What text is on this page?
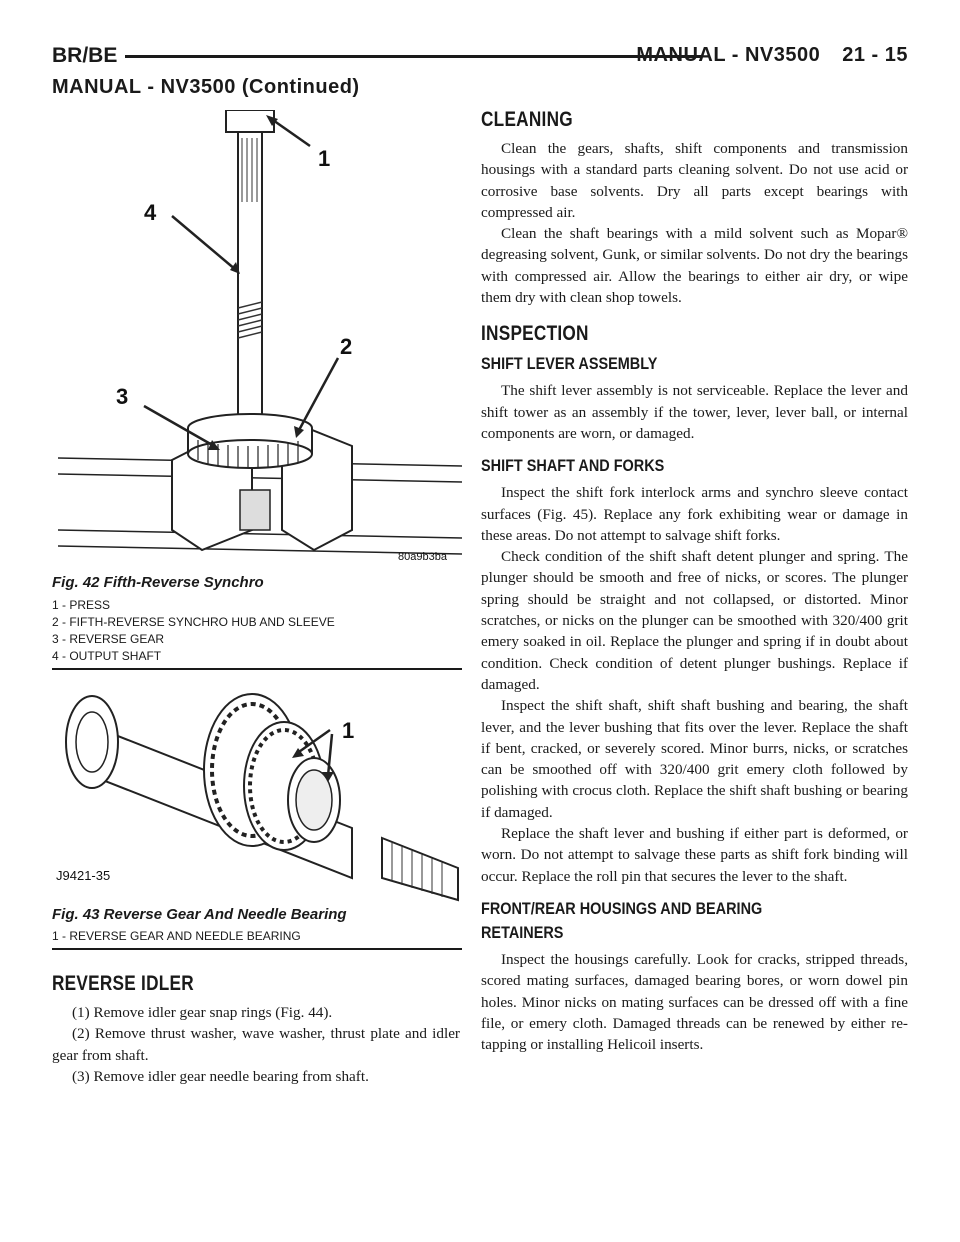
BR/BE	MANUAL - NV3500 21 - 15
MANUAL - NV3500 (Continued)
1
4
2
3
80a9b3ba
Fig. 42 Fifth-Reverse Synchro
1 - PRESS
2 - FIFTH-REVERSE SYNCHRO HUB AND SLEEVE
3 - REVERSE GEAR
4 - OUTPUT SHAFT
1
J9421-35
Fig. 43 Reverse Gear And Needle Bearing
1 - REVERSE GEAR AND NEEDLE BEARING
REVERSE IDLER

(1) Remove idler gear snap rings (Fig. 44).

(2) Remove thrust washer, wave washer, thrust plate and idler gear from shaft.

(3) Remove idler gear needle bearing from shaft.

CLEANING

Clean the gears, shafts, shift components and transmission housings with a standard parts cleaning solvent. Do not use acid or corrosive base solvents. Dry all parts except bearings with compressed air.

Clean the shaft bearings with a mild solvent such as Mopar® degreasing solvent, Gunk, or similar solvents. Do not dry the bearings with compressed air. Allow the bearings to either air dry, or wipe them dry with clean shop towels.

INSPECTION
SHIFT LEVER ASSEMBLY

The shift lever assembly is not serviceable. Replace the lever and shift tower as an assembly if the tower, lever, lever ball, or internal components are worn, or damaged.

SHIFT SHAFT AND FORKS

Inspect the shift fork interlock arms and synchro sleeve contact surfaces (Fig. 45). Replace any fork exhibiting wear or damage in these areas. Do not attempt to salvage shift forks.

Check condition of the shift shaft detent plunger and spring. The plunger should be smooth and free of nicks, or scores. The plunger spring should be straight and not collapsed, or distorted. Minor scratches, or nicks on the plunger can be smoothed with 320/400 grit emery soaked in oil. Replace the plunger and spring if in doubt about condition. Check condition of detent plunger bushings. Replace if damaged.

Inspect the shift shaft, shift shaft bushing and bearing, the shaft lever, and the lever bushing that fits over the lever. Replace the shaft if bent, cracked, or severely scored. Minor burrs, nicks, or scratches can be smoothed off with 320/400 grit emery cloth followed by polishing with crocus cloth. Replace the shift shaft bushing or bearing if damaged.

Replace the shaft lever and bushing if either part is deformed, or worn. Do not attempt to salvage these parts as shift fork binding will occur. Replace the roll pin that secures the lever to the shaft.

FRONT/REAR HOUSINGS AND BEARING
RETAINERS

Inspect the housings carefully. Look for cracks, stripped threads, scored mating surfaces, damaged bearing bores, or worn dowel pin holes. Minor nicks on mating surfaces can be dressed off with a fine file, or emery cloth. Damaged threads can be renewed by either re-tapping or installing Helicoil inserts.
